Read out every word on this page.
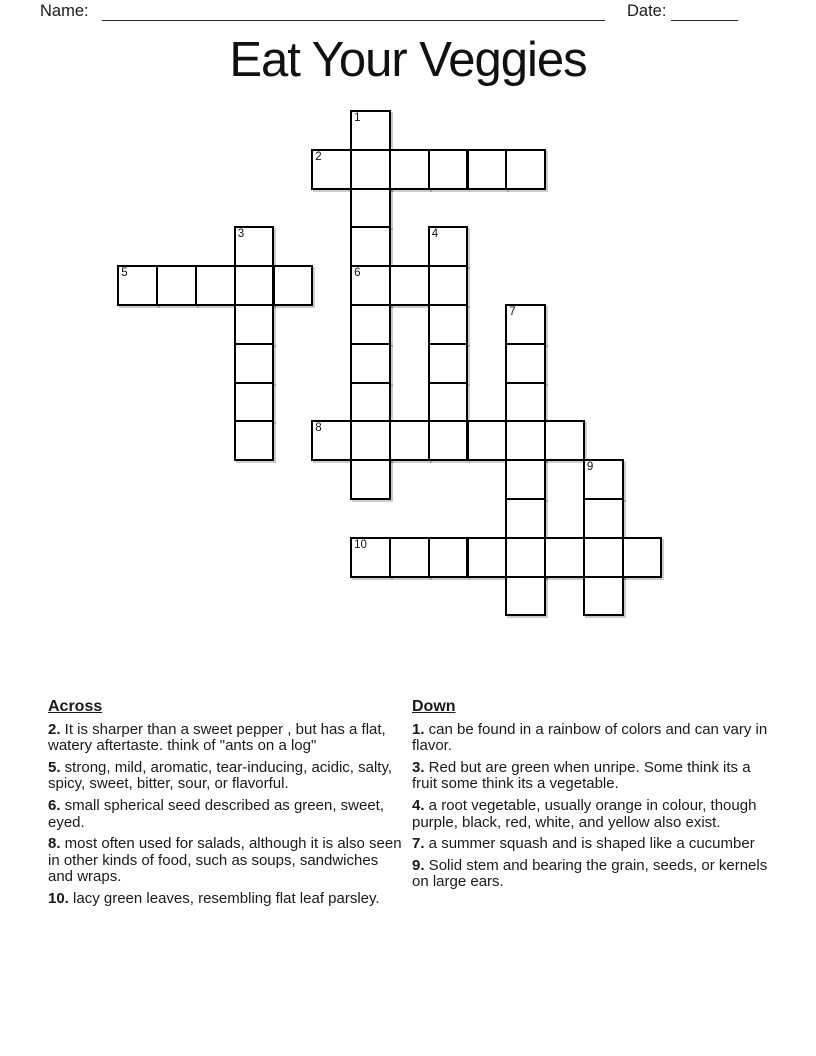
Name:	Date:
Eat Your Veggies
1
2
3	4
5	6
7
8
9
10
Across
2. It is sharper than a sweet pepper , but has a flat, watery aftertaste. think of "ants on a log"
5. strong, mild, aromatic, tear-inducing, acidic, salty, spicy, sweet, bitter, sour, or flavorful.
6. small spherical seed described as green, sweet, eyed.
8. most often used for salads, although it is also seen in other kinds of food, such as soups, sandwiches and wraps.
10. lacy green leaves, resembling flat leaf parsley.
Down
1. can be found in a rainbow of colors and can vary in flavor.
3. Red but are green when unripe. Some think its a fruit some think its a vegetable.
4. a root vegetable, usually orange in colour, though purple, black, red, white, and yellow also exist.
7. a summer squash and is shaped like a cucumber
9. Solid stem and bearing the grain, seeds, or kernels on large ears.
